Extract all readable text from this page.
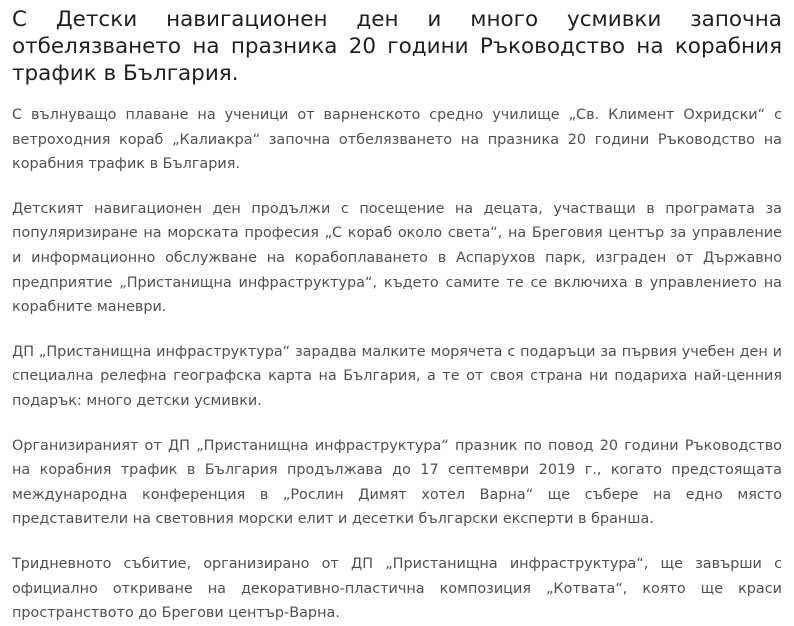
С Детски навигационен ден и много усмивки започна отбелязването на празника 20 години Ръководство на корабния трафик в България.

С вълнуващо плаване на ученици от варненското средно училище „Св. Климент Охридски“ с ветроходния кораб „Калиакра“ започна отбелязването на празника 20 години Ръководство на корабния трафик в България.

Детският навигационен ден продължи с посещение на децата, участващи в програмата за популяризиране на морската професия „С кораб около света“, на Бреговия център за управление и информационно обслужване на корабоплаването в Аспарухов парк, изграден от Държавно предприятие „Пристанищна инфраструктура“, където самите те се включиха в управлението на корабните маневри.

ДП „Пристанищна инфраструктура“ зарадва малките морячета с подаръци за първия учебен ден и специална релефна географска карта на България, а те от своя страна ни подариха най-ценния подарък: много детски усмивки.

Организираният от ДП „Пристанищна инфраструктура“ празник по повод 20 години Ръководство на корабния трафик в България продължава до 17 септември 2019 г., когато предстоящата международна конференция в „Рослин Димят хотел Варна“ ще събере на едно място представители на световния морски елит и десетки български експерти в бранша.

Тридневното събитие, организирано от ДП „Пристанищна инфраструктура“, ще завърши с официално откриване на декоративно-пластична композиция „Котвата“, която ще краси пространството до Брегови център-Варна.
